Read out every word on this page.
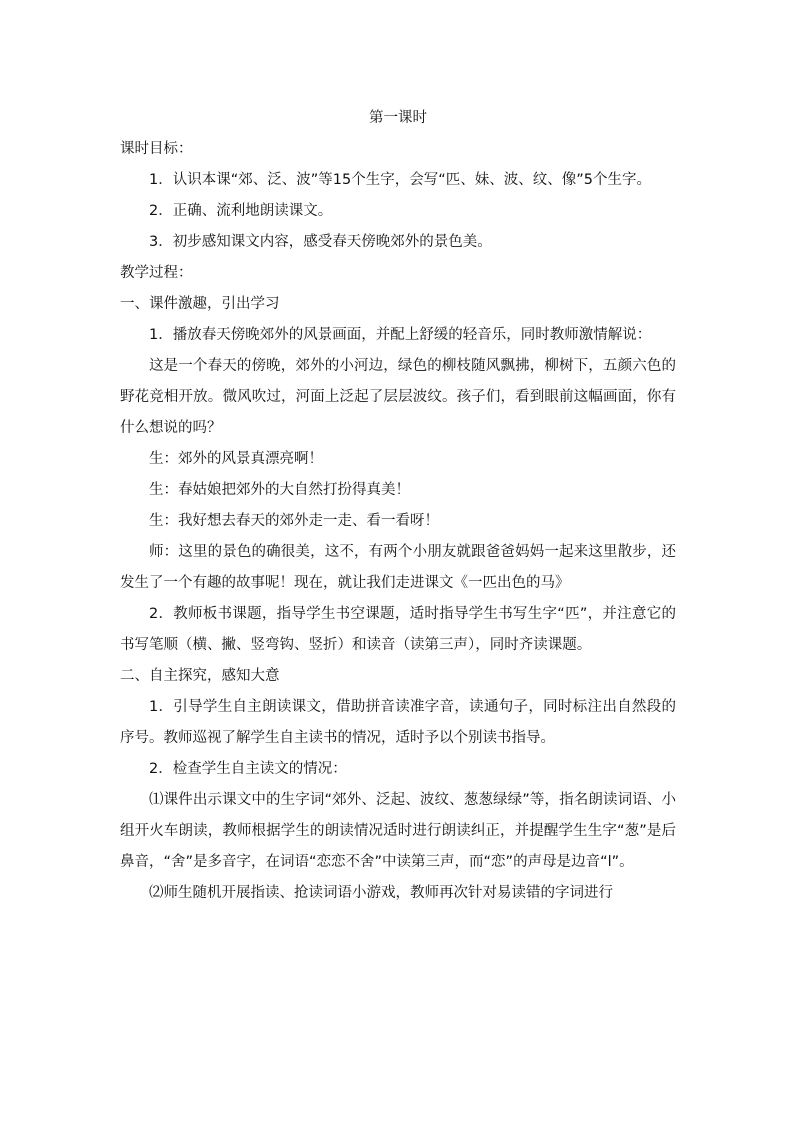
第一课时

课时目标：

1．认识本课“郊、泛、波”等15个生字，会写“匹、妹、波、纹、像”5个生字。

2．正确、流利地朗读课文。

3．初步感知课文内容，感受春天傍晚郊外的景色美。

教学过程：

一、课件激趣，引出学习

1．播放春天傍晚郊外的风景画面，并配上舒缓的轻音乐，同时教师激情解说：

这是一个春天的傍晚，郊外的小河边，绿色的柳枝随风飘拂，柳树下，五颜六色的野花竞相开放。微风吹过，河面上泛起了层层波纹。孩子们，看到眼前这幅画面，你有什么想说的吗？

生：郊外的风景真漂亮啊！

生：春姑娘把郊外的大自然打扮得真美！

生：我好想去春天的郊外走一走、看一看呀！

师：这里的景色的确很美，这不，有两个小朋友就跟爸爸妈妈一起来这里散步，还发生了一个有趣的故事呢！现在，就让我们走进课文《一匹出色的马》

2．教师板书课题，指导学生书空课题，适时指导学生书写生字“匹”，并注意它的书写笔顺（横、撇、竖弯钩、竖折）和读音（读第三声），同时齐读课题。

二、自主探究，感知大意

1．引导学生自主朗读课文，借助拼音读准字音，读通句子，同时标注出自然段的序号。教师巡视了解学生自主读书的情况，适时予以个别读书指导。

2．检查学生自主读文的情况：

⑴课件出示课文中的生字词“郊外、泛起、波纹、葱葱绿绿”等，指名朗读词语、小组开火车朗读，教师根据学生的朗读情况适时进行朗读纠正，并提醒学生生字“葱”是后鼻音，“舍”是多音字，在词语“恋恋不舍”中读第三声，而“恋”的声母是边音“l”。

⑵师生随机开展指读、抢读词语小游戏，教师再次针对易读错的字词进行
